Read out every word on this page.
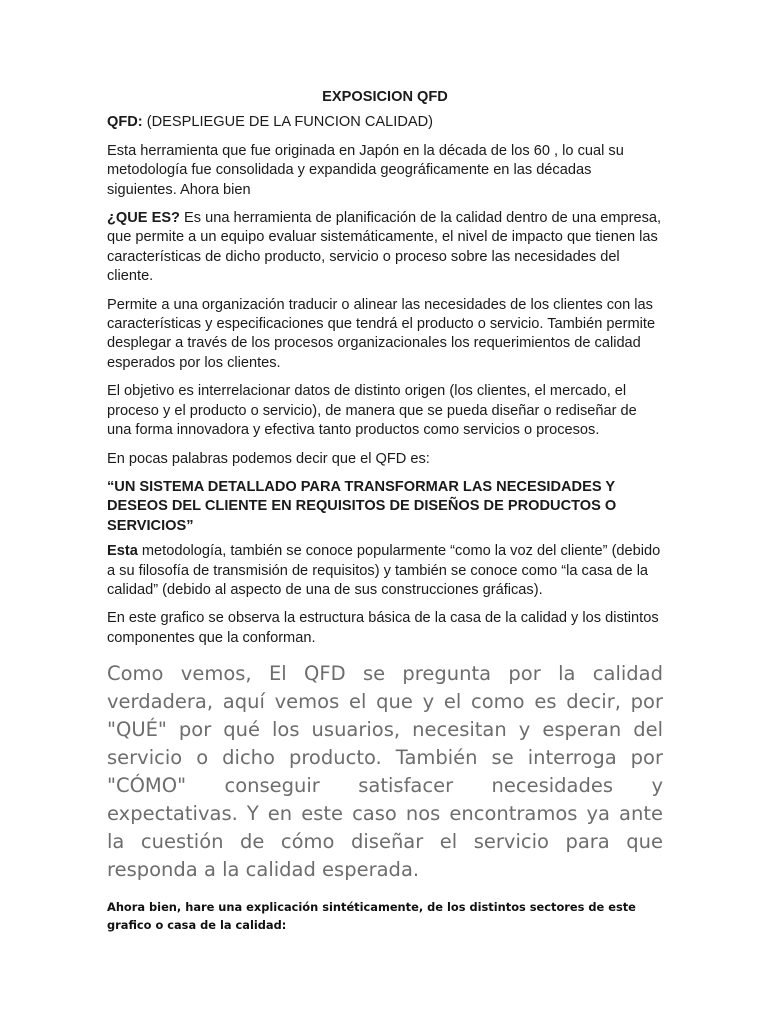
EXPOSICION QFD

QFD: (DESPLIEGUE DE LA FUNCION CALIDAD)

Esta herramienta que fue originada en Japón en la década de los 60 , lo cual su metodología fue consolidada y expandida geográficamente en las décadas siguientes. Ahora bien

¿QUE ES? Es una herramienta de planificación de la calidad dentro de una empresa, que permite a un equipo evaluar sistemáticamente, el nivel de impacto que tienen las características de dicho producto, servicio o proceso sobre las necesidades del cliente.

Permite a una organización traducir o alinear las necesidades de los clientes con las características y especificaciones que tendrá el producto o servicio. También permite desplegar a través de los procesos organizacionales los requerimientos de calidad esperados por los clientes.

El objetivo es interrelacionar datos de distinto origen (los clientes, el mercado, el proceso y el producto o servicio), de manera que se pueda diseñar o rediseñar de una forma innovadora y efectiva tanto productos como servicios o procesos.

En pocas palabras podemos decir que el QFD es:

“UN SISTEMA DETALLADO PARA TRANSFORMAR LAS NECESIDADES Y DESEOS DEL CLIENTE EN REQUISITOS DE DISEÑOS DE PRODUCTOS O SERVICIOS”

Esta metodología, también se conoce popularmente “como la voz del cliente” (debido a su filosofía de transmisión de requisitos) y también se conoce como “la casa de la calidad” (debido al aspecto de una de sus construcciones gráficas).

En este grafico se observa la estructura básica de la casa de la calidad y los distintos componentes que la conforman.

Como vemos, El QFD se pregunta por la calidad verdadera, aquí vemos el que y el como es decir, por "QUÉ" por qué los usuarios, necesitan y esperan del servicio o dicho producto. También se interroga por "CÓMO" conseguir satisfacer necesidades y expectativas. Y en este caso nos encontramos ya ante la cuestión de cómo diseñar el servicio para que responda a la calidad esperada.

Ahora bien, hare una explicación sintéticamente, de los distintos sectores de este grafico o casa de la calidad:
